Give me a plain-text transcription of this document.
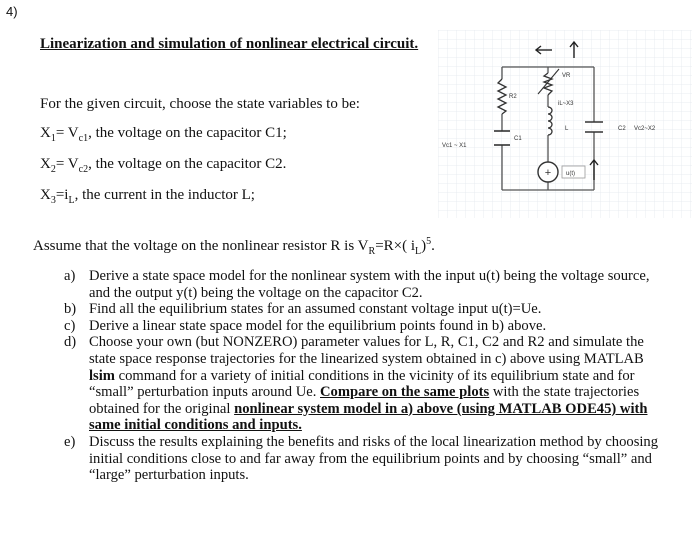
4)
Linearization and simulation of nonlinear electrical circuit.
For the given circuit, choose the state variables to be:
$X_1= V_{c1}$, the voltage on the capacitor C1;
$X_2= V_{c2}$, the voltage on the capacitor C2.
$X_3=i_L$, the current in the inductor L;
R2
VR
iL~X3
L
C1
Vc1 ~ X1
C2 Vc2~X2
+ u(t)
Assume that the voltage on the nonlinear resistor R is $V_R=R\times$( $i_L)^5$.
a) Derive a state space model for the nonlinear system with the input u(t) being the voltage source, and the output y(t) being the voltage on the capacitor C2.
b) Find all the equilibrium states for an assumed constant voltage input u(t)=Ue.
c) Derive a linear state space model for the equilibrium points found in b) above.
d) Choose your own (but NONZERO) parameter values for L, R, C1, C2 and R2 and simulate the state space response trajectories for the linearized system obtained in c) above using MATLAB lsim command for a variety of initial conditions in the vicinity of its equilibrium state and for “small” perturbation inputs around Ue. Compare on the same plots with the state trajectories obtained for the original nonlinear system model in a) above (using MATLAB ODE45) with same initial conditions and inputs.
e) Discuss the results explaining the benefits and risks of the local linearization method by choosing initial conditions close to and far away from the equilibrium points and by choosing “small” and “large” perturbation inputs.
